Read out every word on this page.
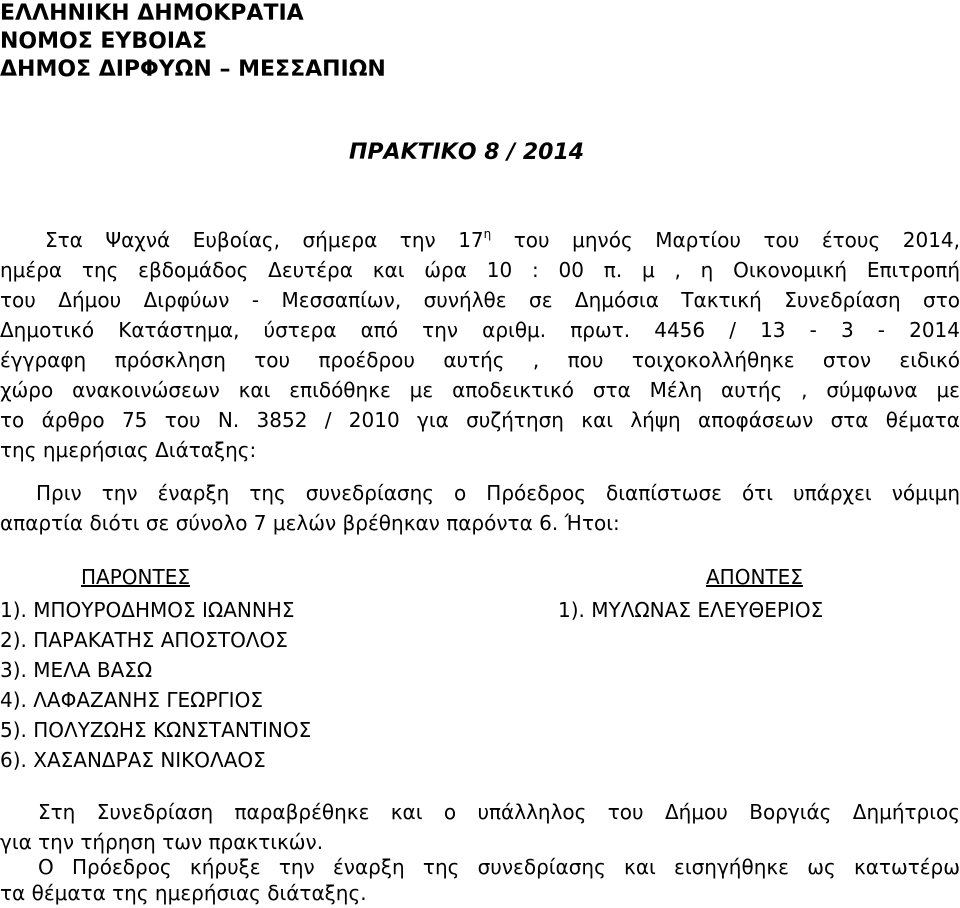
ΕΛΛΗΝΙΚΗ ΔΗΜΟΚΡΑΤΙΑ
ΝΟΜΟΣ ΕΥΒΟΙΑΣ
ΔΗΜΟΣ ΔΙΡΦΥΩΝ – ΜΕΣΣΑΠΙΩΝ
ΠΡΑΚΤΙΚΟ 8 / 2014
Στα Ψαχνά Ευβοίας, σήμερα την $17^\eta$ του μηνός Μαρτίου του έτους 2014,
ημέρα της εβδομάδος Δευτέρα και ώρα 10 : 00 π. μ , η Οικονομική Επιτροπή
του Δήμου Διρφύων - Μεσσαπίων, συνήλθε σε Δημόσια Τακτική Συνεδρίαση στο
Δημοτικό Κατάστημα, ύστερα από την αριθμ. πρωτ. 4456 / 13 - 3 - 2014
έγγραφη πρόσκληση του προέδρου αυτής , που τοιχοκολλήθηκε στον ειδικό
χώρο ανακοινώσεων και επιδόθηκε με αποδεικτικό στα Μέλη αυτής , σύμφωνα με
το άρθρο 75 του Ν. 3852 / 2010 για συζήτηση και λήψη αποφάσεων στα θέματα
της ημερήσιας Διάταξης:
Πριν την έναρξη της συνεδρίασης ο Πρόεδρος διαπίστωσε ότι υπάρχει νόμιμη
απαρτία διότι σε σύνολο 7 μελών βρέθηκαν παρόντα 6. Ήτοι:
ΠΑΡΟΝΤΕΣ	ΑΠΟΝΤΕΣ
1). ΜΠΟΥΡΟΔΗΜΟΣ ΙΩΑΝΝΗΣ
2). ΠΑΡΑΚΑΤΗΣ ΑΠΟΣΤΟΛΟΣ
3). ΜΕΛΑ ΒΑΣΩ
4). ΛΑΦΑΖΑΝΗΣ ΓΕΩΡΓΙΟΣ
5). ΠΟΛΥΖΩΗΣ ΚΩΝΣΤΑΝΤΙΝΟΣ
6). ΧΑΣΑΝΔΡΑΣ ΝΙΚΟΛΑΟΣ
1). ΜΥΛΩΝΑΣ ΕΛΕΥΘΕΡΙΟΣ
Στη Συνεδρίαση παραβρέθηκε και ο υπάλληλος του Δήμου Βοργιάς Δημήτριος
για την τήρηση των πρακτικών.
Ο Πρόεδρος κήρυξε την έναρξη της συνεδρίασης και εισηγήθηκε ως κατωτέρω
τα θέματα της ημερήσιας διάταξης.
